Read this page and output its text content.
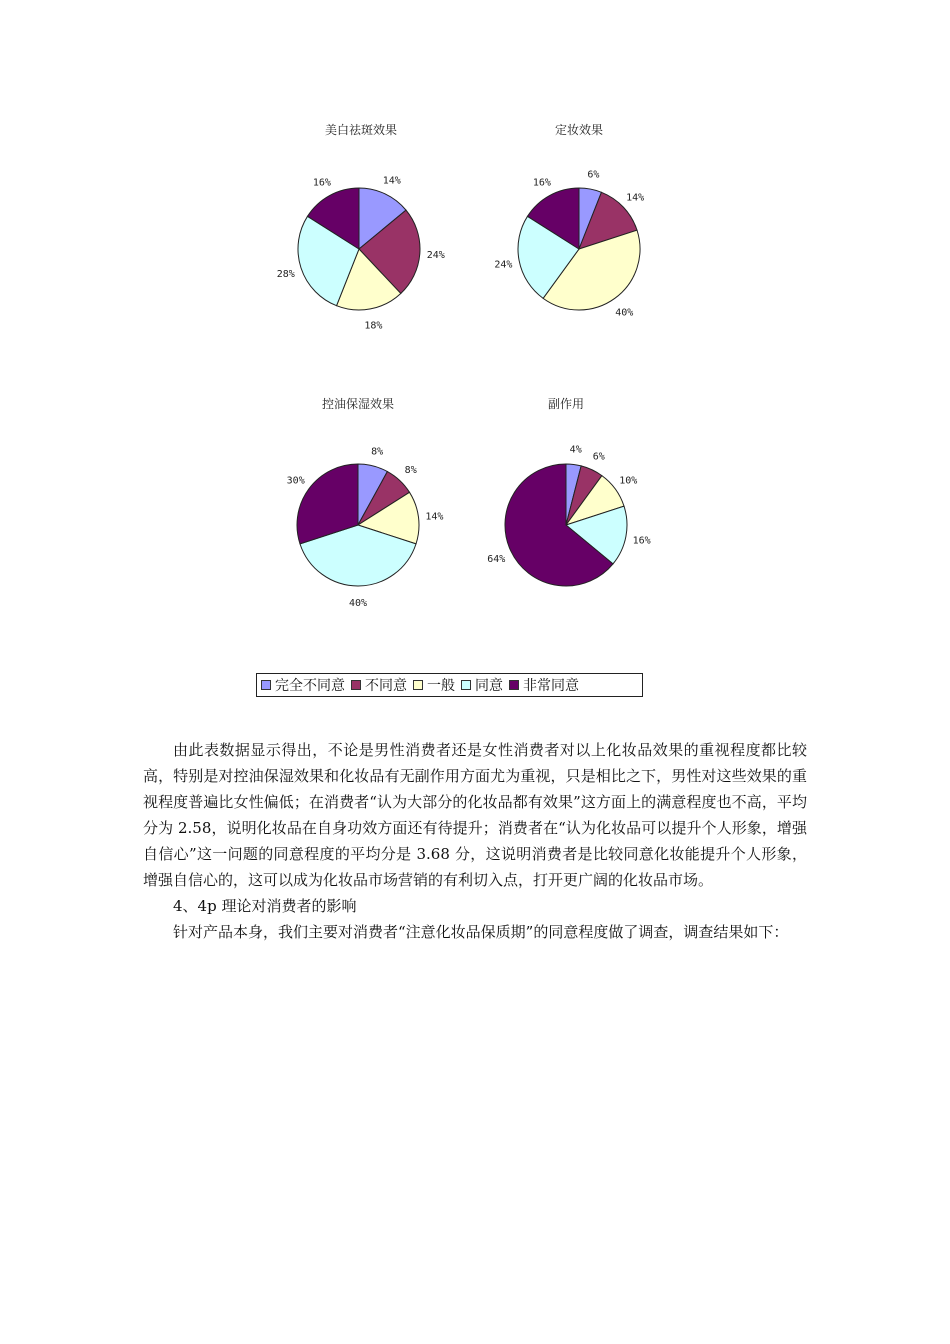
美白祛斑效果
14%
24%
18%
28%
16%
定妆效果
6%
14%
40%
24%
16%
控油保湿效果
8%
8%
14%
40%
30%
副作用
4%
6%
10%
16%
64%
完全不同意 不同意 一般 同意 非常同意

由此表数据显示得出，不论是男性消费者还是女性消费者对以上化妆品效果的重视程度都比较高，特别是对控油保湿效果和化妆品有无副作用方面尤为重视，只是相比之下，男性对这些效果的重视程度普遍比女性偏低；在消费者“认为大部分的化妆品都有效果”这方面上的满意程度也不高，平均分为 2.58，说明化妆品在自身功效方面还有待提升；消费者在“认为化妆品可以提升个人形象，增强自信心”这一问题的同意程度的平均分是 3.68 分，这说明消费者是比较同意化妆能提升个人形象，增强自信心的，这可以成为化妆品市场营销的有利切入点，打开更广阔的化妆品市场。

4、4p 理论对消费者的影响

针对产品本身，我们主要对消费者“注意化妆品保质期”的同意程度做了调查，调查结果如下：
